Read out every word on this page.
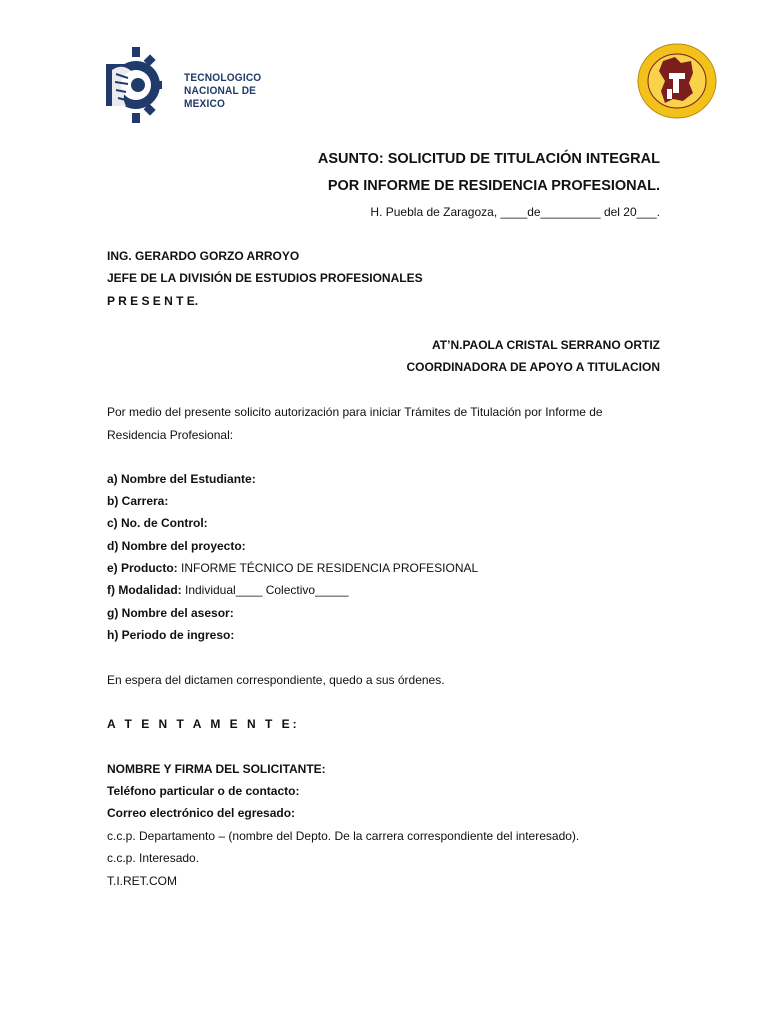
TECNOLOGICO
NACIONAL DE MEXICO
ASUNTO: SOLICITUD DE TITULACIÓN INTEGRAL
POR INFORME DE RESIDENCIA PROFESIONAL.
H. Puebla de Zaragoza, ____de_________ del 20___.
ING. GERARDO GORZO ARROYO
JEFE DE LA DIVISIÓN DE ESTUDIOS PROFESIONALES
P R E S E N T E.
AT’N.PAOLA CRISTAL SERRANO ORTIZ
COORDINADORA DE APOYO A TITULACION
Por medio del presente solicito autorización para iniciar Trámites de Titulación por Informe de
Residencia Profesional:
a) Nombre del Estudiante:
b) Carrera:
c) No. de Control:
d) Nombre del proyecto:
e) Producto: INFORME TÉCNICO DE RESIDENCIA PROFESIONAL
f) Modalidad: Individual____ Colectivo_____
g) Nombre del asesor:
h) Periodo de ingreso:
En espera del dictamen correspondiente, quedo a sus órdenes.
A T E N T A M E N T E:
NOMBRE Y FIRMA DEL SOLICITANTE:
Teléfono particular o de contacto:
Correo electrónico del egresado:
c.c.p. Departamento – (nombre del Depto. De la carrera correspondiente del interesado).
c.c.p. Interesado.
T.I.RET.COM
